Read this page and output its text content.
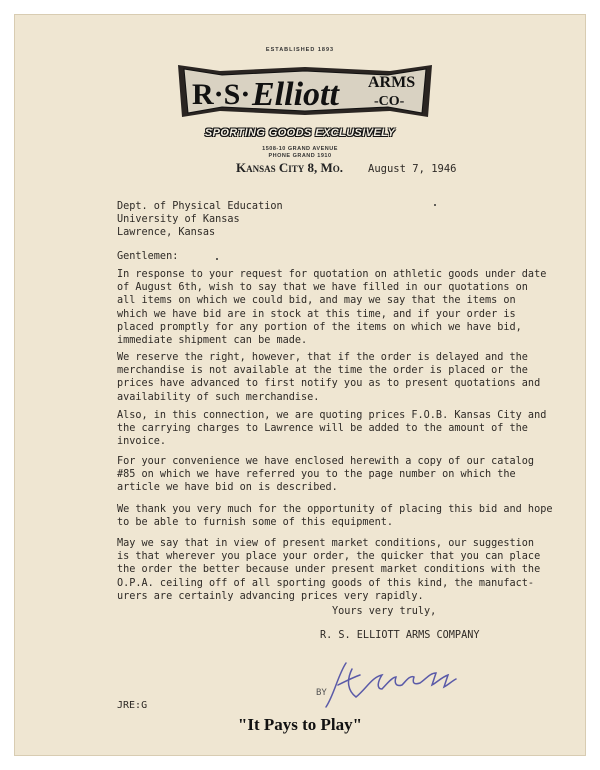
ESTABLISHED 1893
R·S· Elliott ARMS
-CO-
SPORTING GOODS EXCLUSIVELY
1508-10 GRAND AVENUE
PHONE GRAND 1910
Kansas City 8, Mo. August 7, 1946
Dept. of Physical Education
University of Kansas
Lawrence, Kansas
Gentlemen:
In response to your request for quotation on athletic goods under
of August 6th, wish to say that we have filled in our quotations
all items on which we could bid, and may we say that the items on
which we have bid are in stock at this time, and if your order is
placed promptly for any portion of the items on which we have bid,
immediate shipment can be made.
We reserve the right, however, that if the order is delayed and
merchandise is not available at the time the order is placed or
prices have advanced to first notify you as to present quotations
availability of such merchandise.
Also, in this connection, we are quoting prices F.O.B. Kansas City
the carrying charges to Lawrence will be added to the amount of
invoice.
For your convenience we have enclosed herewith a copy of our catalog
#85 on which we have referred you to the page number on which the
article we have bid on is described.
We thank you very much for the opportunity of placing this bid and
to be able to furnish some of this equipment.
May we say that in view of present market conditions, our suggestion
is that wherever you place your order, the quicker that you can
the order the better because under present market conditions with
O.P.A. ceiling off of all sporting goods of this kind, the manufact-
urers are certainly advancing prices very rapidly.
Yours very truly,
R. S. ELLIOTT ARMS COMPANY
BY
JRE:G
"It Pays to Play"
